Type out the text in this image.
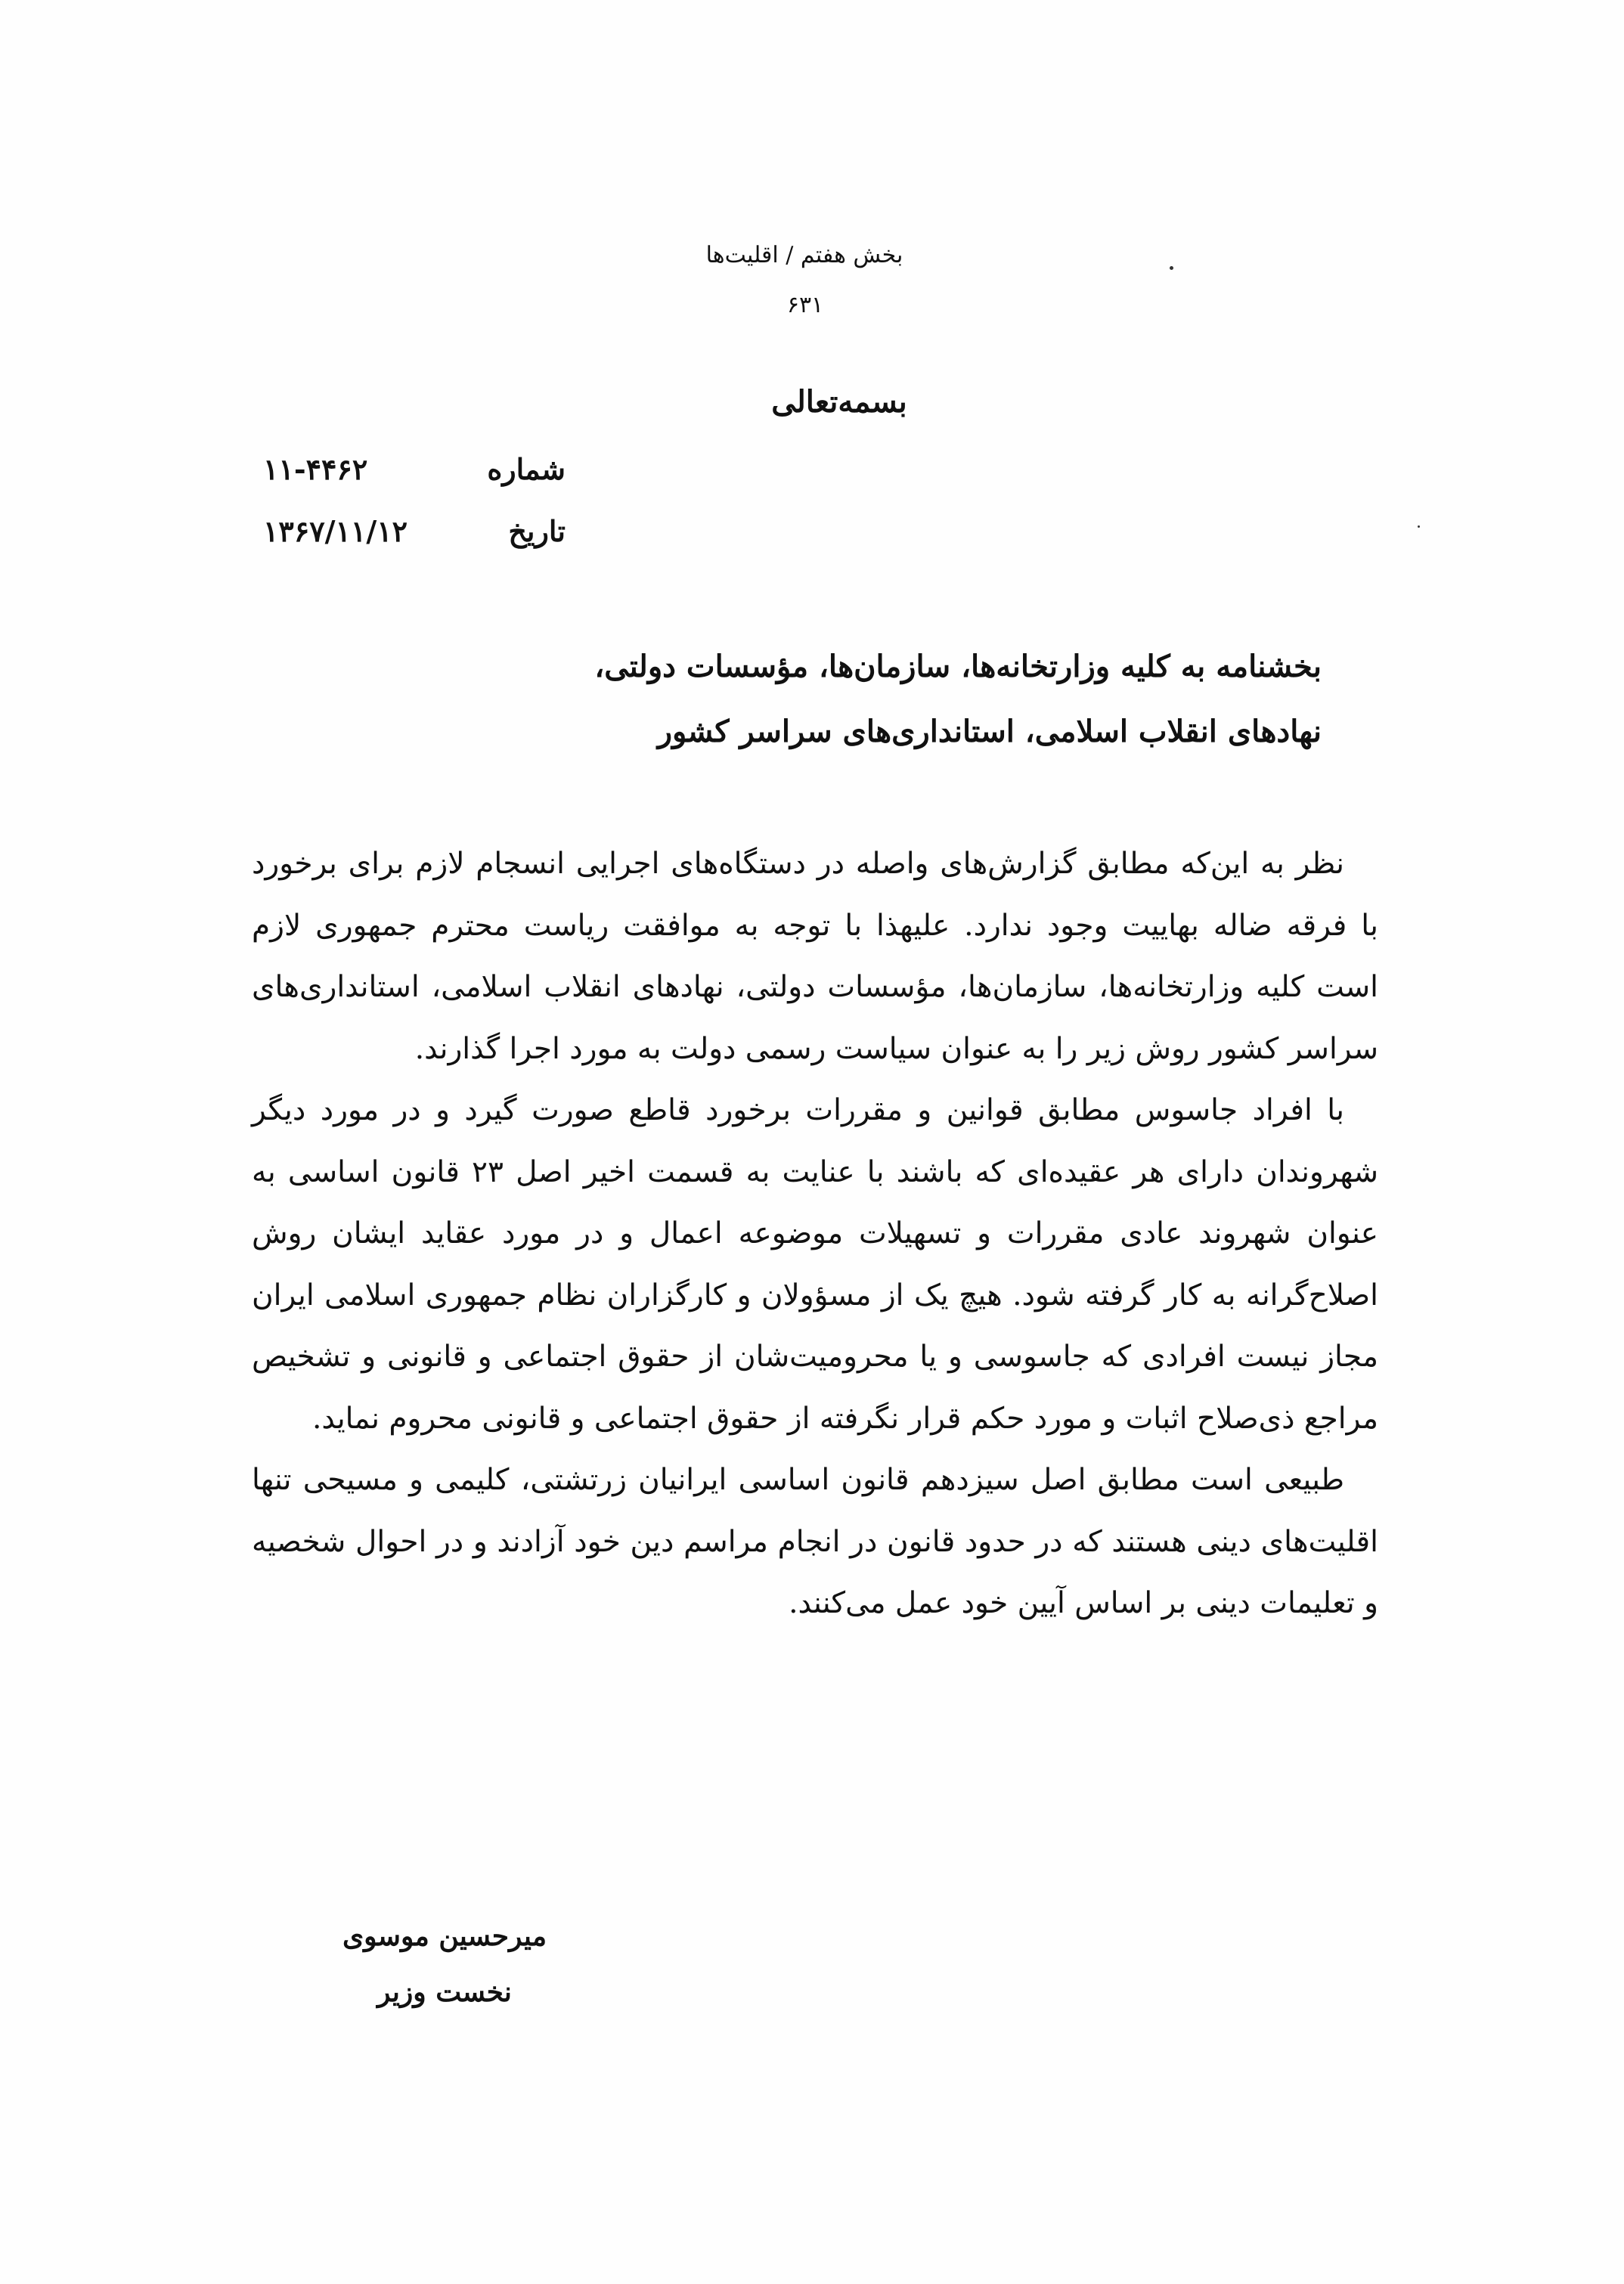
بخش هفتم / اقلیت‌ها
۶۳۱
بسمه‌تعالی
شماره
۱۱-۴۴۶۲
تاریخ
۱۳۶۷/۱۱/۱۲
بخشنامه به کلیه وزارتخانه‌ها، سازمان‌ها، مؤسسات دولتی،
نهادهای انقلاب اسلامی، استانداری‌های سراسر کشور

نظر به این‌که مطابق گزارش‌های واصله در دستگاه‌های اجرایی انسجام لازم برای برخورد با فرقه ضاله بهاییت وجود ندارد. علیهذا با توجه به موافقت ریاست محترم جمهوری لازم است کلیه وزارتخانه‌ها، سازمان‌ها، مؤسسات دولتی، نهادهای انقلاب اسلامی، استانداری‌های سراسر کشور روش زیر را به عنوان سیاست رسمی دولت به مورد اجرا گذارند.

با افراد جاسوس مطابق قوانین و مقررات برخورد قاطع صورت گیرد و در مورد دیگر شهروندان دارای هر عقیده‌ای که باشند با عنایت به قسمت اخیر اصل ۲۳ قانون اساسی به عنوان شهروند عادی مقررات و تسهیلات موضوعه اعمال و در مورد عقاید ایشان روش اصلاح‌گرانه به کار گرفته شود. هیچ یک از مسؤولان و کارگزاران نظام جمهوری اسلامی ایران مجاز نیست افرادی که جاسوسی و یا محرومیت‌شان از حقوق اجتماعی و قانونی و تشخیص مراجع ذی‌صلاح اثبات و مورد حکم قرار نگرفته از حقوق اجتماعی و قانونی محروم نماید.

طبیعی است مطابق اصل سیزدهم قانون اساسی ایرانیان زرتشتی، کلیمی و مسیحی تنها اقلیت‌های دینی هستند که در حدود قانون در انجام مراسم دین خود آزادند و در احوال شخصیه و تعلیمات دینی بر اساس آیین خود عمل می‌کنند.

میرحسین موسوی
نخست وزیر
